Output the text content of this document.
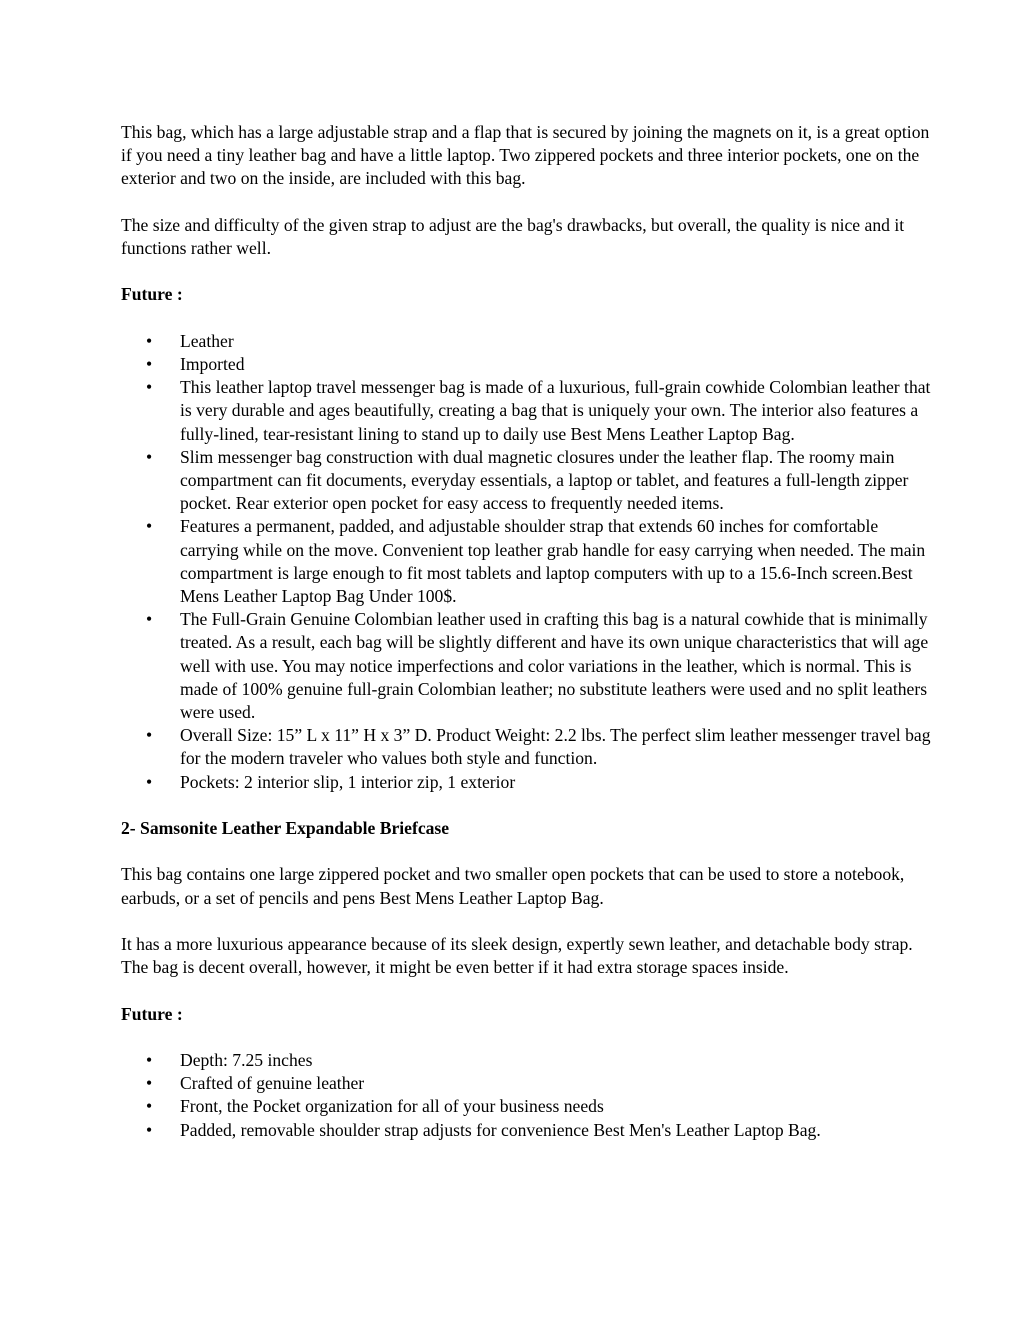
This bag, which has a large adjustable strap and a flap that is secured by joining the magnets on it, is a great option if you need a tiny leather bag and have a little laptop. Two zippered pockets and three interior pockets, one on the exterior and two on the inside, are included with this bag.

The size and difficulty of the given strap to adjust are the bag's drawbacks, but overall, the quality is nice and it functions rather well.

Future :
• Leather
• Imported
• This leather laptop travel messenger bag is made of a luxurious, full-grain cowhide Colombian leather that is very durable and ages beautifully, creating a bag that is uniquely your own. The interior also features a fully-lined, tear-resistant lining to stand up to daily use Best Mens Leather Laptop Bag.
• Slim messenger bag construction with dual magnetic closures under the leather flap. The roomy main compartment can fit documents, everyday essentials, a laptop or tablet, and features a full-length zipper pocket. Rear exterior open pocket for easy access to frequently needed items.
• Features a permanent, padded, and adjustable shoulder strap that extends 60 inches for comfortable carrying while on the move. Convenient top leather grab handle for easy carrying when needed. The main compartment is large enough to fit most tablets and laptop computers with up to a 15.6-Inch screen.Best Mens Leather Laptop Bag Under 100$.
• The Full-Grain Genuine Colombian leather used in crafting this bag is a natural cowhide that is minimally treated. As a result, each bag will be slightly different and have its own unique characteristics that will age well with use. You may notice imperfections and color variations in the leather, which is normal. This is made of 100% genuine full-grain Colombian leather; no substitute leathers were used and no split leathers were used.
• Overall Size: 15” L x 11” H x 3” D. Product Weight: 2.2 lbs. The perfect slim leather messenger travel bag for the modern traveler who values both style and function.
• Pockets: 2 interior slip, 1 interior zip, 1 exterior
2- Samsonite Leather Expandable Briefcase

This bag contains one large zippered pocket and two smaller open pockets that can be used to store a notebook, earbuds, or a set of pencils and pens Best Mens Leather Laptop Bag.

It has a more luxurious appearance because of its sleek design, expertly sewn leather, and detachable body strap. The bag is decent overall, however, it might be even better if it had extra storage spaces inside.

Future :
• Depth: 7.25 inches
• Crafted of genuine leather
• Front, the Pocket organization for all of your business needs
• Padded, removable shoulder strap adjusts for convenience Best Men's Leather Laptop Bag.
